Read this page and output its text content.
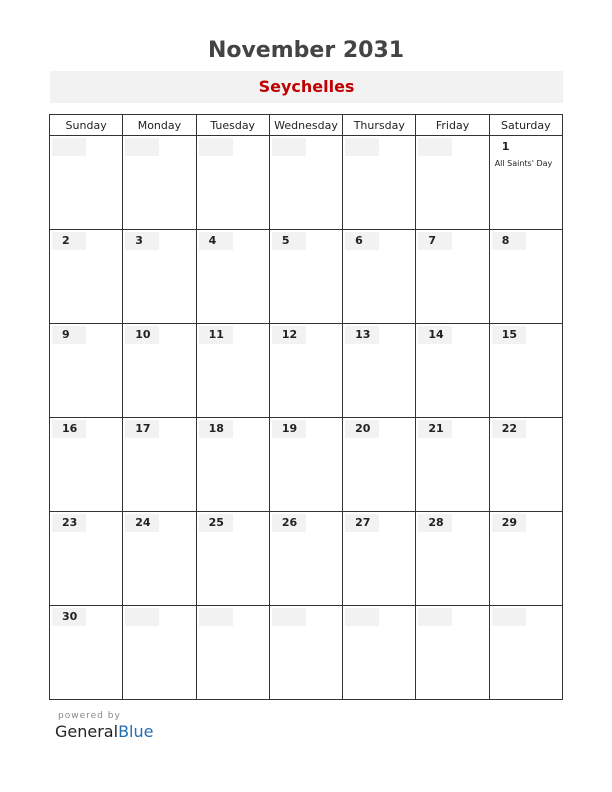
November 2031
Seychelles
Sunday	Monday	Tuesday	Wednesday	Thursday	Friday	Saturday

						1
All Saints' Day

2	3	4	5	6	7	8

9	10	11	12	13	14	15

16	17	18	19	20	21	22

23	24	25	26	27	28	29

30						

powered by
GeneralBlue
